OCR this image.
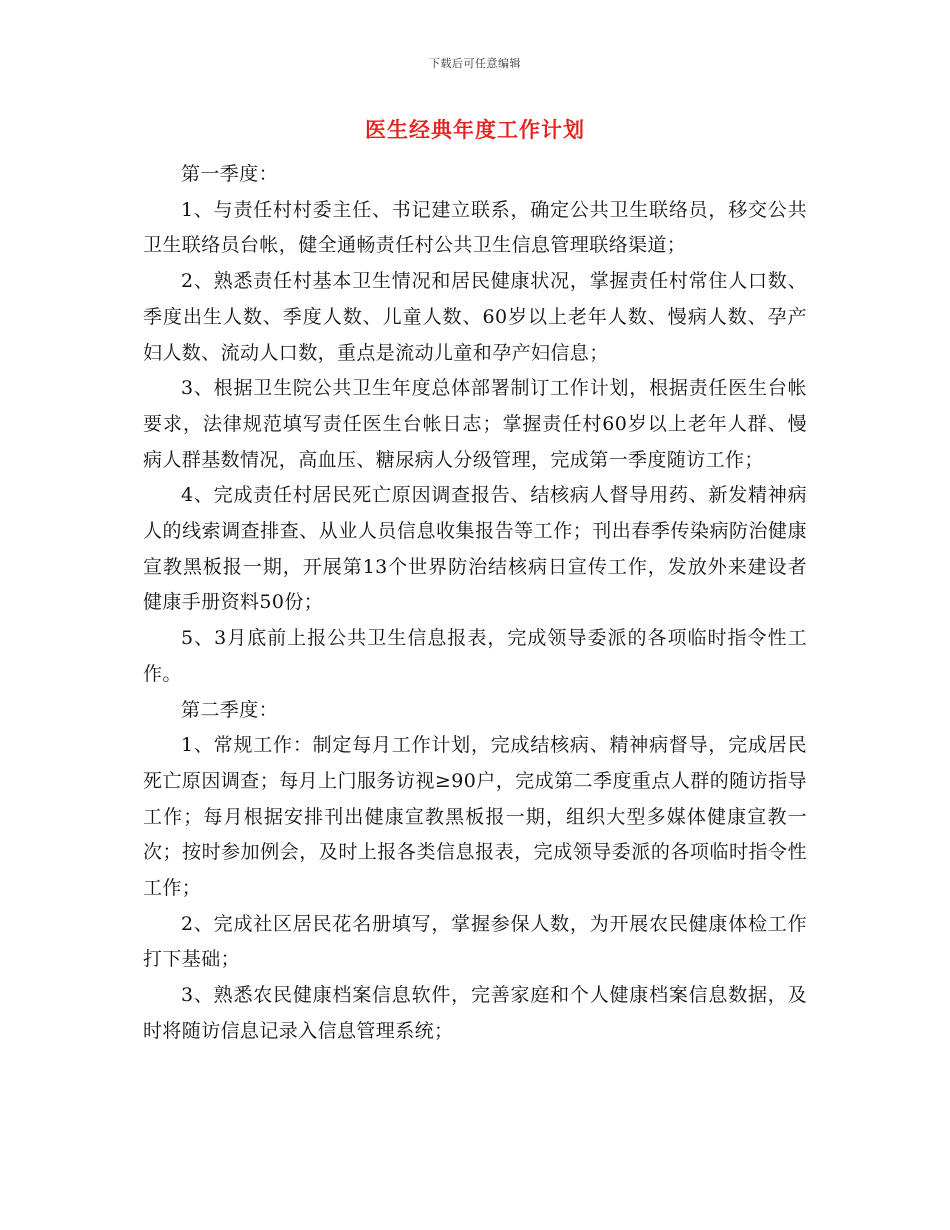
下载后可任意编辑
医生经典年度工作计划

第一季度：

1、与责任村村委主任、书记建立联系，确定公共卫生联络员，移交公共卫生联络员台帐，健全通畅责任村公共卫生信息管理联络渠道；

2、熟悉责任村基本卫生情况和居民健康状况，掌握责任村常住人口数、季度出生人数、季度人数、儿童人数、60岁以上老年人数、慢病人数、孕产妇人数、流动人口数，重点是流动儿童和孕产妇信息；

3、根据卫生院公共卫生年度总体部署制订工作计划，根据责任医生台帐要求，法律规范填写责任医生台帐日志；掌握责任村60岁以上老年人群、慢病人群基数情况，高血压、糖尿病人分级管理，完成第一季度随访工作；

4、完成责任村居民死亡原因调查报告、结核病人督导用药、新发精神病人的线索调查排查、从业人员信息收集报告等工作；刊出春季传染病防治健康宣教黑板报一期，开展第13个世界防治结核病日宣传工作，发放外来建设者健康手册资料50份；

5、3月底前上报公共卫生信息报表，完成领导委派的各项临时指令性工作。

第二季度：

1、常规工作：制定每月工作计划，完成结核病、精神病督导，完成居民死亡原因调查；每月上门服务访视≥90户，完成第二季度重点人群的随访指导工作；每月根据安排刊出健康宣教黑板报一期，组织大型多媒体健康宣教一次；按时参加例会，及时上报各类信息报表，完成领导委派的各项临时指令性工作；

2、完成社区居民花名册填写，掌握参保人数，为开展农民健康体检工作打下基础；

3、熟悉农民健康档案信息软件，完善家庭和个人健康档案信息数据，及时将随访信息记录入信息管理系统；
